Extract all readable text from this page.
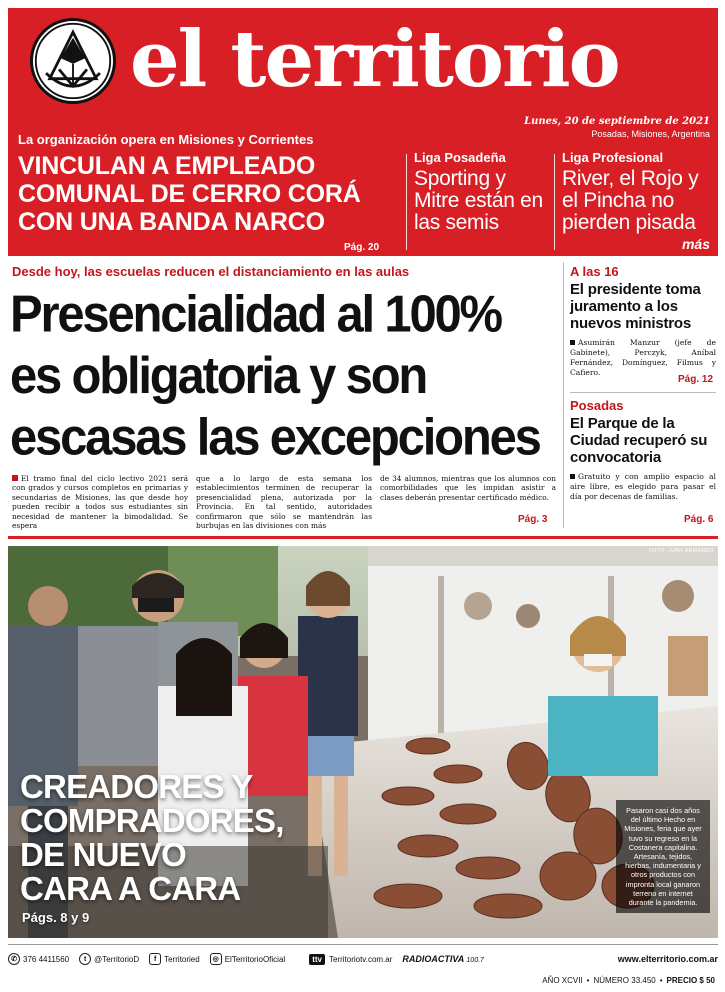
el territorio
La organización opera en Misiones y Corrientes
VINCULAN A EMPLEADO COMUNAL DE CERRO CORÁ CON UNA BANDA NARCO
Pág. 20
Liga Posadeña
Sporting y Mitre están en las semis
Liga Profesional
River, el Rojo y el Pincha no pierden pisada
más
Lunes, 20 de septiembre de 2021
Posadas, Misiones, Argentina
Desde hoy, las escuelas reducen el distanciamiento en las aulas
Presencialidad al 100% es obligatoria y son escasas las excepciones

El tramo final del ciclo lectivo 2021 será con grados y cursos completos en primarias y secundarias de Misiones, las que desde hoy pueden recibir a todos sus estudiantes sin necesidad de mantener la bimodalidad. Se espera

que a lo largo de esta semana los establecimientos terminen de recuperar la presencialidad plena, autorizada por la Provincia. En tal sentido, autoridades confirmaron que sólo se mantendrán las burbujas en las divisiones con más

de 34 alumnos, mientras que los alumnos con comorbilidades que les impidan asistir a clases deberán presentar certificado médico.

Pág. 3
A las 16
El presidente toma juramento a los nuevos ministros
Asumirán Manzur (jefe de Gabinete), Perczyk, Aníbal Fernández, Domínguez, Filmus y Cafiero.
Pág. 12
Posadas
El Parque de la Ciudad recuperó su convocatoria
Gratuito y con amplio espacio al aire libre, es elegido para pasar el día por decenas de familias.
Pág. 6
FOTO: JUAN ARMANDO
CREADORES Y
COMPRADORES,
DE NUEVO
CARA A CARA
Págs. 8 y 9
Pasaron casi dos años del último Hecho en Misiones, feria que ayer tuvo su regreso en la Costanera capitalina. Artesanía, tejidos, hierbas, indumentaria y otros productos con impronta local ganaron terreno en internet durante la pandemia.
✆ 376 4411560	t @TerritorioD	f Territoried	◎ ElTerritorioOficial	ttv Territoriotv.com.ar RADIOACTIVA 100.7	www.elterritorio.com.ar
AÑO XCVII • NÚMERO 33.450 • PRECIO $ 50
